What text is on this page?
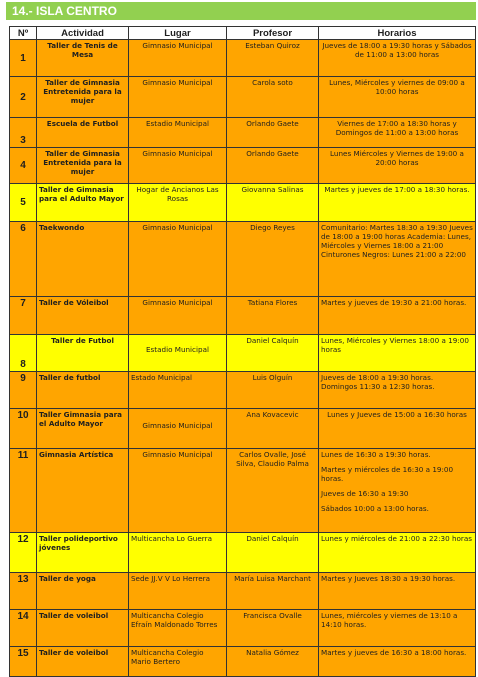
14.- ISLA CENTRO
Nº	Actividad	Lugar	Profesor	Horarios
1	Taller de Tenis de Mesa	Gimnasio Municipal	Esteban Quiroz	Jueves de 18:00 a 19:30 horas y Sábados de 11:00 a 13:00 horas

2	Taller de Gimnasia Entretenida para la mujer	Gimnasio Municipal	Carola soto	Lunes, Miércoles y viernes de 09:00 a 10:00 horas

3	Escuela de Futbol	Estadio Municipal	Orlando Gaete	Viernes de 17:00 a 18:30 horas y Domingos de 11:00 a 13:00 horas

4	Taller de Gimnasia Entretenida para la mujer	Gimnasio Municipal	Orlando Gaete	Lunes Miércoles y Viernes de 19:00 a 20:00 horas

5	Taller de Gimnasia para el Adulto Mayor	Hogar de Ancianos Las Rosas	Giovanna Salinas	Martes y jueves de 17:00 a 18:30 horas.

6	Taekwondo	Gimnasio Municipal	Diego Reyes	Comunitario: Martes 18:30 a 19:30 Jueves de 18:00 a 19:00 horas Academia: Lunes, Miércoles y Viernes 18:00 a 21:00 Cinturones Negros: Lunes 21:00 a 22:00

7	Taller de Vóleibol	Gimnasio Municipal	Tatiana Flores	Martes y jueves de 19:30 a 21:00 horas.

8	Taller de Futbol	Estadio Municipal	Daniel Calquín	Lunes, Miércoles y Viernes 18:00 a 19:00 horas

9	Taller de futbol	Estado Municipal	Luis Olguín	Jueves de 18:00 a 19:30 horas.
Domingos 11:30 a 12:30 horas.

10	Taller Gimnasia para el Adulto Mayor	Gimnasio Municipal	Ana Kovacevic	Lunes y Jueves de 15:00 a 16:30 horas

11	Gimnasia Artística	Gimnasio Municipal	Carlos Ovalle, José Silva, Claudio Palma	Lunes de 16:30 a 19:30 horas.
Martes y miércoles de 16:30 a 19:00 horas.
Jueves de 16:30 a 19:30
Sábados 10:00 a 13:00 horas.

12	Taller polideportivo jóvenes	Multicancha Lo Guerra	Daniel Calquín	Lunes y miércoles de 21:00 a 22:30 horas

13	Taller de yoga	Sede JJ.V V Lo Herrera	María Luisa Marchant	Martes y Jueves 18:30 a 19:30 horas.

14	Taller de voleibol	Multicancha Colegio Efraín Maldonado Torres	Francisca Ovalle	Lunes, miércoles y viernes de 13:10 a 14:10 horas.

15	Taller de voleibol	Multicancha Colegio Mario Bertero	Natalia Gómez	Martes y jueves de 16:30 a 18:00 horas.
